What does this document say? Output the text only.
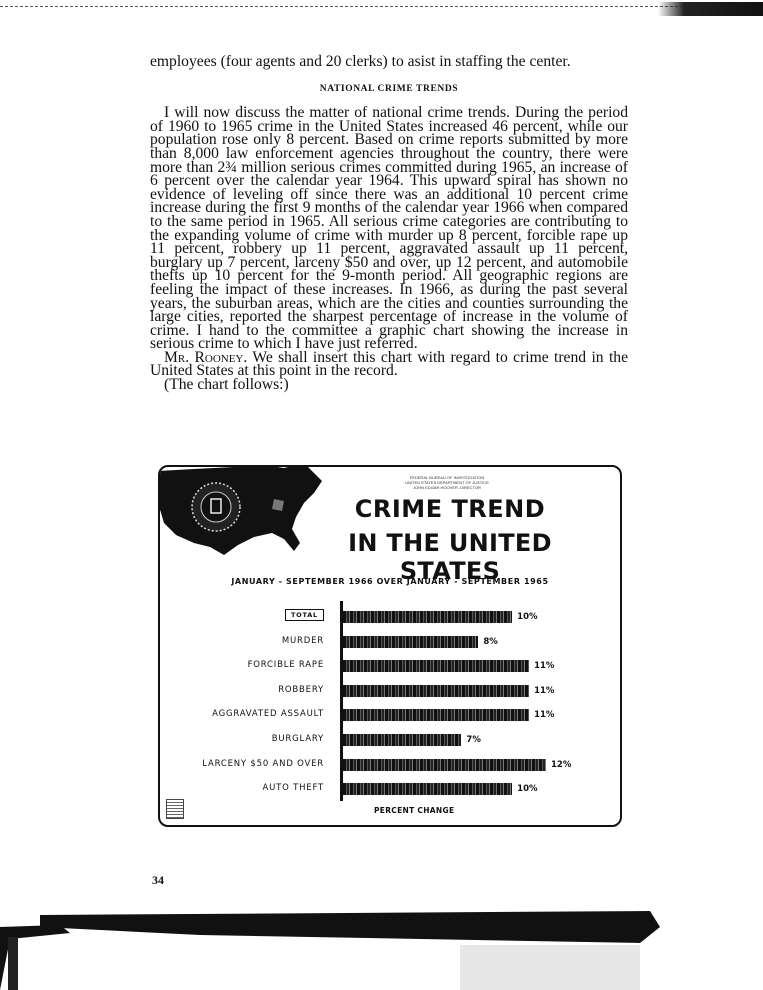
employees (four agents and 20 clerks) to asist in staffing the center.

NATIONAL CRIME TRENDS

I will now discuss the matter of national crime trends. During the period of 1960 to 1965 crime in the United States increased 46 percent, while our population rose only 8 percent. Based on crime reports submitted by more than 8,000 law enforcement agencies throughout the country, there were more than 2¾ million serious crimes committed during 1965, an increase of 6 percent over the calendar year 1964. This upward spiral has shown no evidence of leveling off since there was an additional 10 percent crime increase during the first 9 months of the calendar year 1966 when compared to the same period in 1965. All serious crime categories are contributing to the expanding volume of crime with murder up 8 percent, forcible rape up 11 percent, robbery up 11 percent, aggravated assault up 11 percent, burglary up 7 percent, larceny $50 and over, up 12 percent, and automobile thefts up 10 percent for the 9-month period. All geographic regions are feeling the impact of these increases. In 1966, as during the past several years, the suburban areas, which are the cities and counties surrounding the large cities, reported the sharpest percentage of increase in the volume of crime. I hand to the committee a graphic chart showing the increase in serious crime to which I have just referred.

Mr. Rooney. We shall insert this chart with regard to crime trend in the United States at this point in the record.

(The chart follows:)

FEDERAL BUREAU OF INVESTIGATION
UNITED STATES DEPARTMENT OF JUSTICE
JOHN EDGAR HOOVER, DIRECTOR
CRIME TREND
IN THE UNITED STATES
JANUARY - SEPTEMBER 1966 OVER JANUARY - SEPTEMBER 1965
TOTAL	10%
MURDER	8%
FORCIBLE RAPE	11%
ROBBERY	11%
AGGRAVATED ASSAULT	11%
BURGLARY	7%
LARCENY $50 AND OVER	12%
AUTO THEFT	10%
PERCENT CHANGE
34
